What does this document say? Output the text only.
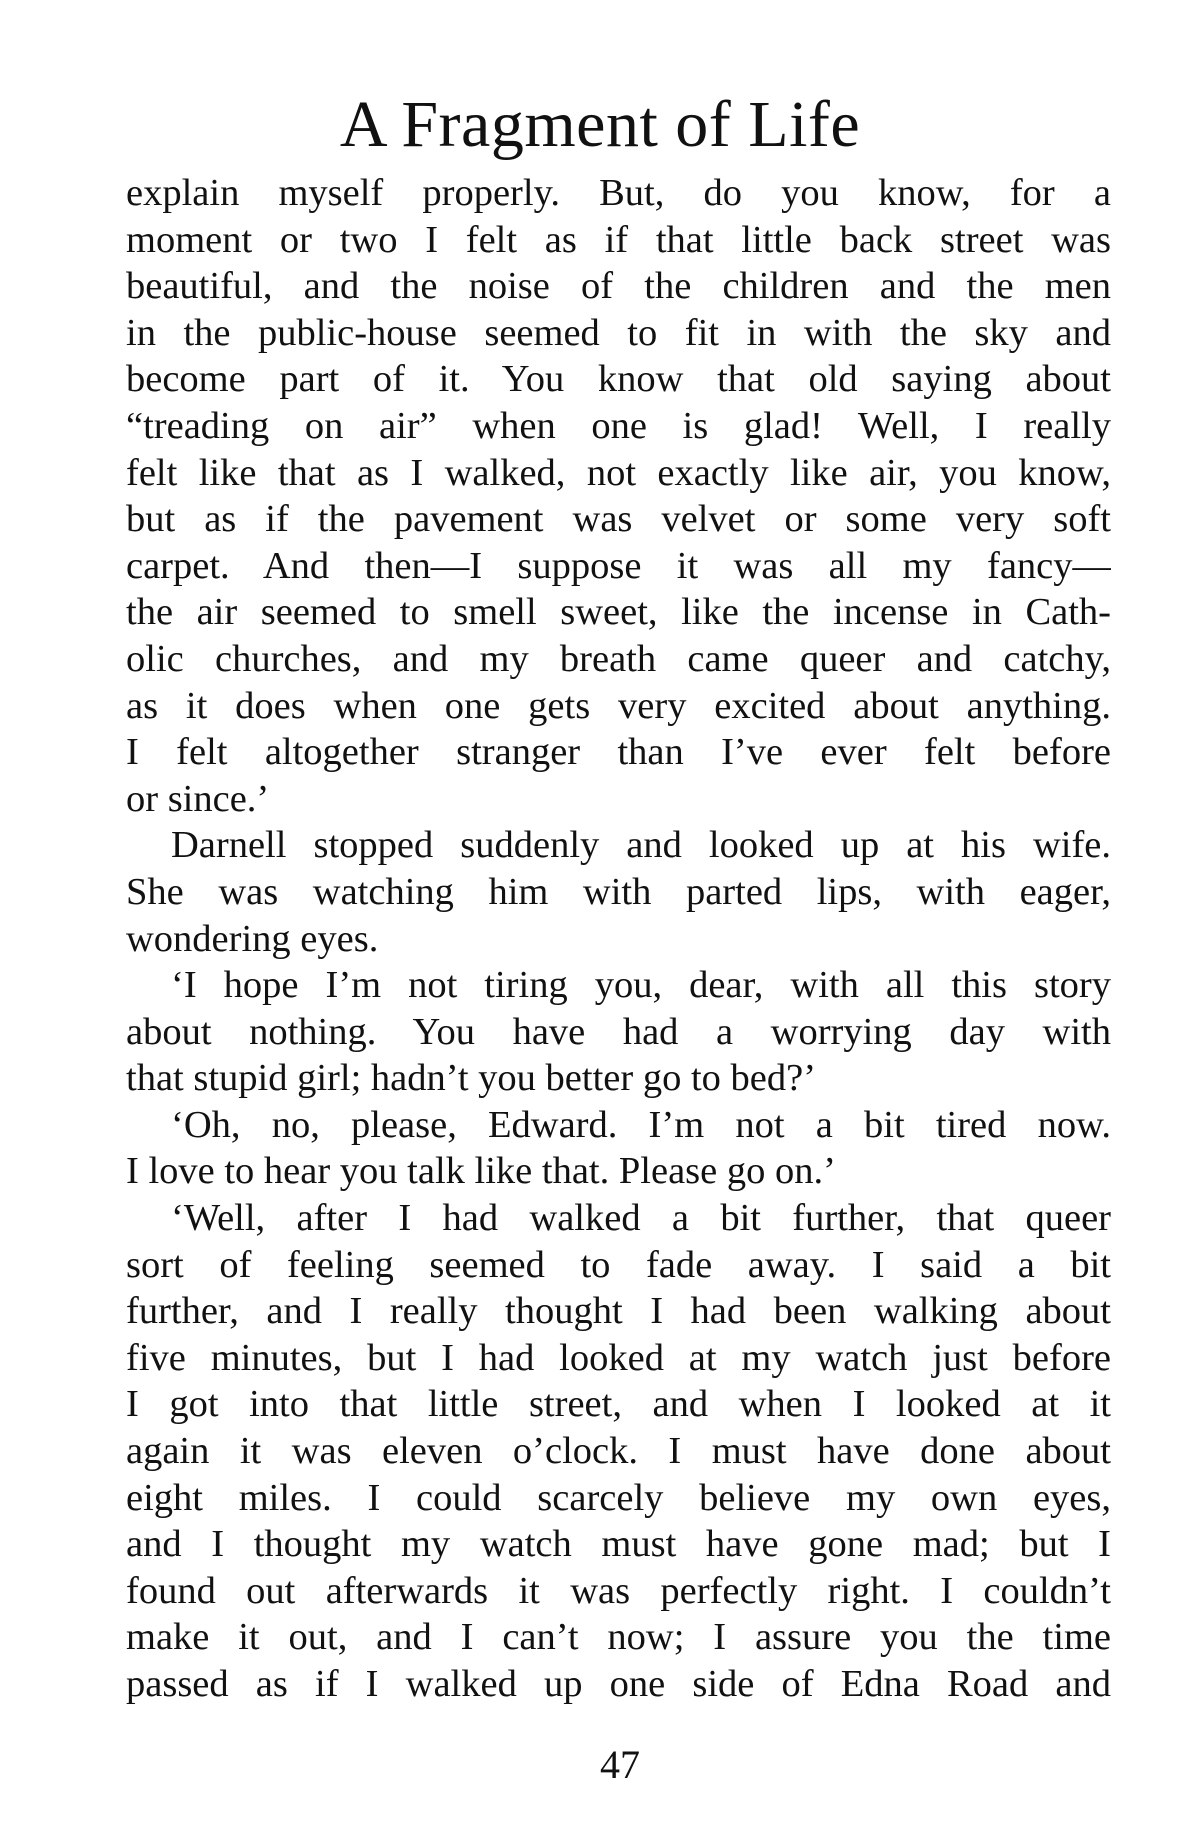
A Fragment of Life
explain myself properly. But, do you know, for a
moment or two I felt as if that little back street was
beautiful, and the noise of the children and the men
in the public-house seemed to fit in with the sky and
become part of it. You know that old saying about
“treading on air” when one is glad! Well, I really
felt like that as I walked, not exactly like air, you know,
but as if the pavement was velvet or some very soft
carpet. And then—I suppose it was all my fancy—
the air seemed to smell sweet, like the incense in Cath-
olic churches, and my breath came queer and catchy,
as it does when one gets very excited about anything.
I felt altogether stranger than I’ve ever felt before
or since.’
Darnell stopped suddenly and looked up at his wife.
She was watching him with parted lips, with eager,
wondering eyes.
‘I hope I’m not tiring you, dear, with all this story
about nothing. You have had a worrying day with
that stupid girl; hadn’t you better go to bed?’
‘Oh, no, please, Edward. I’m not a bit tired now.
I love to hear you talk like that. Please go on.’
‘Well, after I had walked a bit further, that queer
sort of feeling seemed to fade away. I said a bit
further, and I really thought I had been walking about
five minutes, but I had looked at my watch just before
I got into that little street, and when I looked at it
again it was eleven o’clock. I must have done about
eight miles. I could scarcely believe my own eyes,
and I thought my watch must have gone mad; but I
found out afterwards it was perfectly right. I couldn’t
make it out, and I can’t now; I assure you the time
passed as if I walked up one side of Edna Road and
47
